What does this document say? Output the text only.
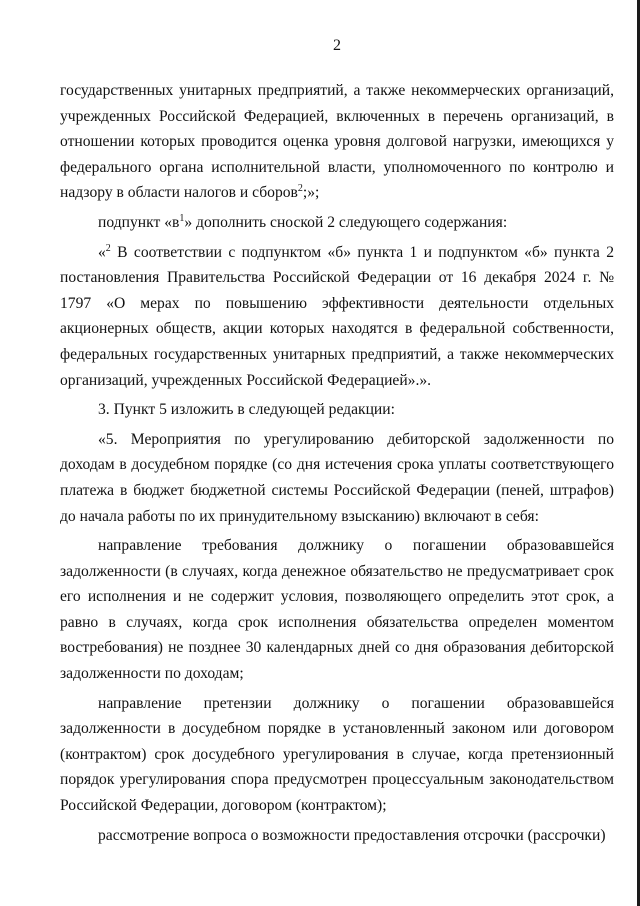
2

государственных унитарных предприятий, а также некоммерческих организаций, учрежденных Российской Федерацией, включенных в перечень организаций, в отношении которых проводится оценка уровня долговой нагрузки, имеющихся у федерального органа исполнительной власти, уполномоченного по контролю и надзору в области налогов и сборов$^2$;»;

подпункт «$в^1$» дополнить сноской 2 следующего содержания:

«$^2$ В соответствии с подпунктом «б» пункта 1 и подпунктом «б» пункта 2 постановления Правительства Российской Федерации от 16 декабря 2024 г. № 1797 «О мерах по повышению эффективности деятельности отдельных акционерных обществ, акции которых находятся в федеральной собственности, федеральных государственных унитарных предприятий, а также некоммерческих организаций, учрежденных Российской Федерацией».».

3. Пункт 5 изложить в следующей редакции:

«5. Мероприятия по урегулированию дебиторской задолженности по доходам в досудебном порядке (со дня истечения срока уплаты соответствующего платежа в бюджет бюджетной системы Российской Федерации (пеней, штрафов) до начала работы по их принудительному взысканию) включают в себя:

направление требования должнику о погашении образовавшейся задолженности (в случаях, когда денежное обязательство не предусматривает срок его исполнения и не содержит условия, позволяющего определить этот срок, а равно в случаях, когда срок исполнения обязательства определен моментом востребования) не позднее 30 календарных дней со дня образования дебиторской задолженности по доходам;

направление претензии должнику о погашении образовавшейся задолженности в досудебном порядке в установленный законом или договором (контрактом) срок досудебного урегулирования в случае, когда претензионный порядок урегулирования спора предусмотрен процессуальным законодательством Российской Федерации, договором (контрактом);

рассмотрение вопроса о возможности предоставления отсрочки (рассрочки)
